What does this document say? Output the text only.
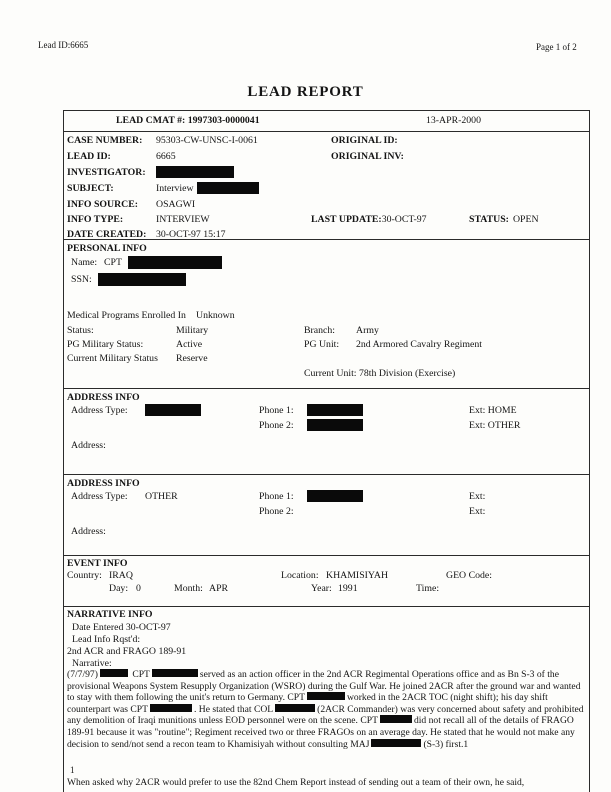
Lead ID:6665	Page 1 of 2
LEAD REPORT
LEAD CMAT #: 1997303-0000041	13-APR-2000
CASE NUMBER: 95303-CW-UNSC-I-0061	ORIGINAL ID:
LEAD ID:	6665	ORIGINAL INV:
INVESTIGATOR:
SUBJECT:	Interview
INFO SOURCE: OSAGWI
INFO TYPE:	INTERVIEW	LAST UPDATE:30-OCT-97	STATUS: OPEN
DATE CREATED: 30-OCT-97 15:17
PERSONAL INFO
Name: CPT
SSN:
Medical Programs Enrolled In Unknown
Status:	Military	Branch: Army
PG Military Status:	Active	PG Unit: 2nd Armored Cavalry Regiment
Current Military Status Reserve
Current Unit: 78th Division (Exercise)
ADDRESS INFO
Address Type:	Phone 1:	Ext: HOME
Phone 2:	Ext: OTHER
Address:
ADDRESS INFO
Address Type: OTHER	Phone 1:	Ext:
Phone 2:	Ext:
Address:
EVENT INFO
Country: IRAQ	Location: KHAMISIYAH	GEO Code:
Day: 0	Month: APR	Year: 1991	Time:
NARRATIVE INFO
Date Entered 30-OCT-97
Lead Info Rqst'd:
2nd ACR and FRAGO 189-91
Narrative:
(7/7/97)	CPT	served as an action officer in the 2nd ACR Regimental Operations office and as Bn S-3 of the provisional Weapons System Resupply Organization (WSRO) during the Gulf War. He joined 2ACR after the ground war and wanted to stay with them following the unit's return to Germany. CPT	worked in the 2ACR TOC (night shift); his day shift counterpart was CPT	. He stated that COL	(2ACR Commander) was very concerned about safety and prohibited any demolition of Iraqi munitions unless EOD personnel were on the scene. CPT	did not recall all of the details of FRAGO 189-91 because it was "routine"; Regiment received two or three FRAGOs on an average day. He stated that he would not make any decision to send/not send a recon team to Khamisiyah without consulting MAJ	(S-3) first.1
1
When asked why 2ACR would prefer to use the 82nd Chem Report instead of sending out a team of their own, he said,
